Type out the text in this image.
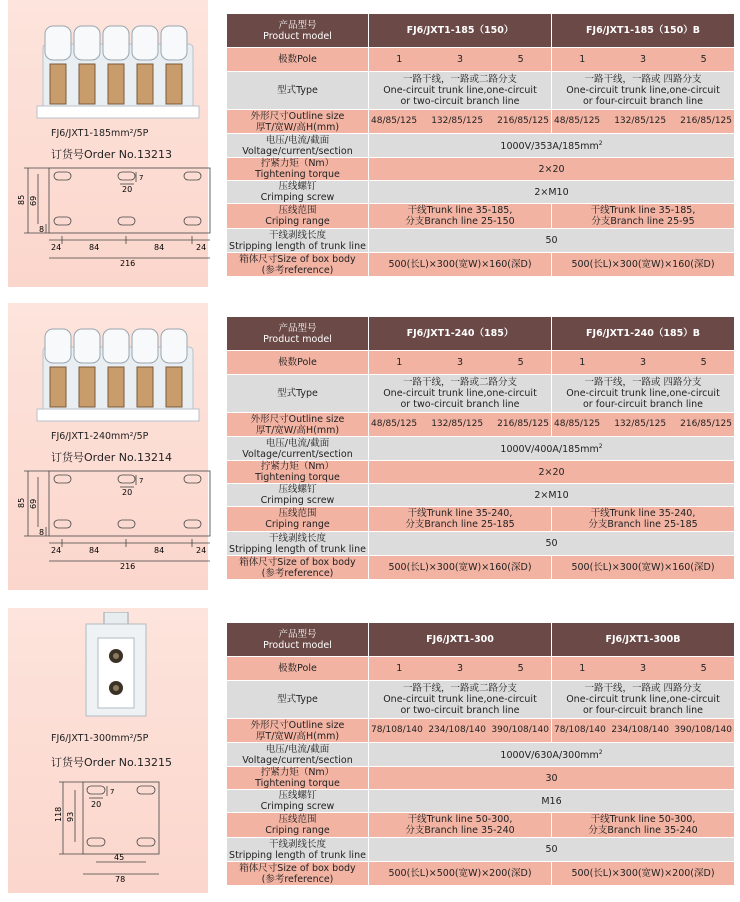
FJ6/JXT1-185mm²/5P
订货号Order No.13213
85 69
8
7
20
24	84	84	24
216
产品型号
Product model	FJ6/JXT1-185（150）	FJ6/JXT1-185（150）B
极数Pole	1 3 5	1 3 5

型式Type	一路干线，一路或二路分支
One-circuit trunk line,one-circuit
or two-circuit branch line	一路干线，一路或 四路分支
One-circuit trunk line,one-circuit
or four-circuit branch line
外形尺寸Outline size
厚T/宽W/高H(mm)	48/85/125 132/85/125 216/85/125	48/85/125 132/85/125 216/85/125

电压/电流/截面
Voltage/current/section	$1000V/353A/185mm^2$
拧紧力矩（Nm）
Tightening torque	2×20	
压线螺钉
Crimping screw	2×M10	
压线范围
Criping range	干线Trunk line 35-185,
分支Branch line 25-150	干线Trunk line 35-185,
分支Branch line 25-95
干线剥线长度
Stripping length of trunk line	50	
箱体尺寸Size of box body
(参考reference)	500(长L)×300(宽W)×160(深D)	500(长L)×300(宽W)×160(深D)
FJ6/JXT1-240mm²/5P
订货号Order No.13214
85 69
8
7
20
24	84	84	24
216
产品型号
Product model	FJ6/JXT1-240（185）	FJ6/JXT1-240（185）B
极数Pole	1 3 5	1 3 5

型式Type	一路干线，一路或二路分支
One-circuit trunk line,one-circuit
or two-circuit branch line	一路干线，一路或 四路分支
One-circuit trunk line,one-circuit
or four-circuit branch line
外形尺寸Outline size
厚T/宽W/高H(mm)	48/85/125 132/85/125 216/85/125	48/85/125 132/85/125 216/85/125

电压/电流/截面
Voltage/current/section	$1000V/400A/185mm^2$
拧紧力矩（Nm）
Tightening torque	2×20	
压线螺钉
Crimping screw	2×M10	
压线范围
Criping range	干线Trunk line 35-240,
分支Branch line 25-185	干线Trunk line 35-240,
分支Branch line 25-185
干线剥线长度
Stripping length of trunk line	50	
箱体尺寸Size of box body
(参考reference)	500(长L)×300(宽W)×160(深D)	500(长L)×300(宽W)×160(深D)
FJ6/JXT1-300mm²/5P
订货号Order No.13215
118 93
7
20
45
78
产品型号
Product model	FJ6/JXT1-300	FJ6/JXT1-300B
极数Pole	1 3 5	1 3 5

型式Type	一路干线，一路或二路分支
One-circuit trunk line,one-circuit
or two-circuit branch line	一路干线，一路或 四路分支
One-circuit trunk line,one-circuit
or four-circuit branch line
外形尺寸Outline size
厚T/宽W/高H(mm)	78/108/140 234/108/140 390/108/140	78/108/140 234/108/140 390/108/140

电压/电流/截面
Voltage/current/section	$1000V/630A/300mm^2$
拧紧力矩（Nm）
Tightening torque	30	
压线螺钉
Crimping screw	M16	
压线范围
Criping range	干线Trunk line 50-300,
分支Branch line 35-240	干线Trunk line 50-300,
分支Branch line 35-240
干线剥线长度
Stripping length of trunk line	50	
箱体尺寸Size of box body
(参考reference)	500(长L)×500(宽W)×200(深D)	500(长L)×300(宽W)×200(深D)
